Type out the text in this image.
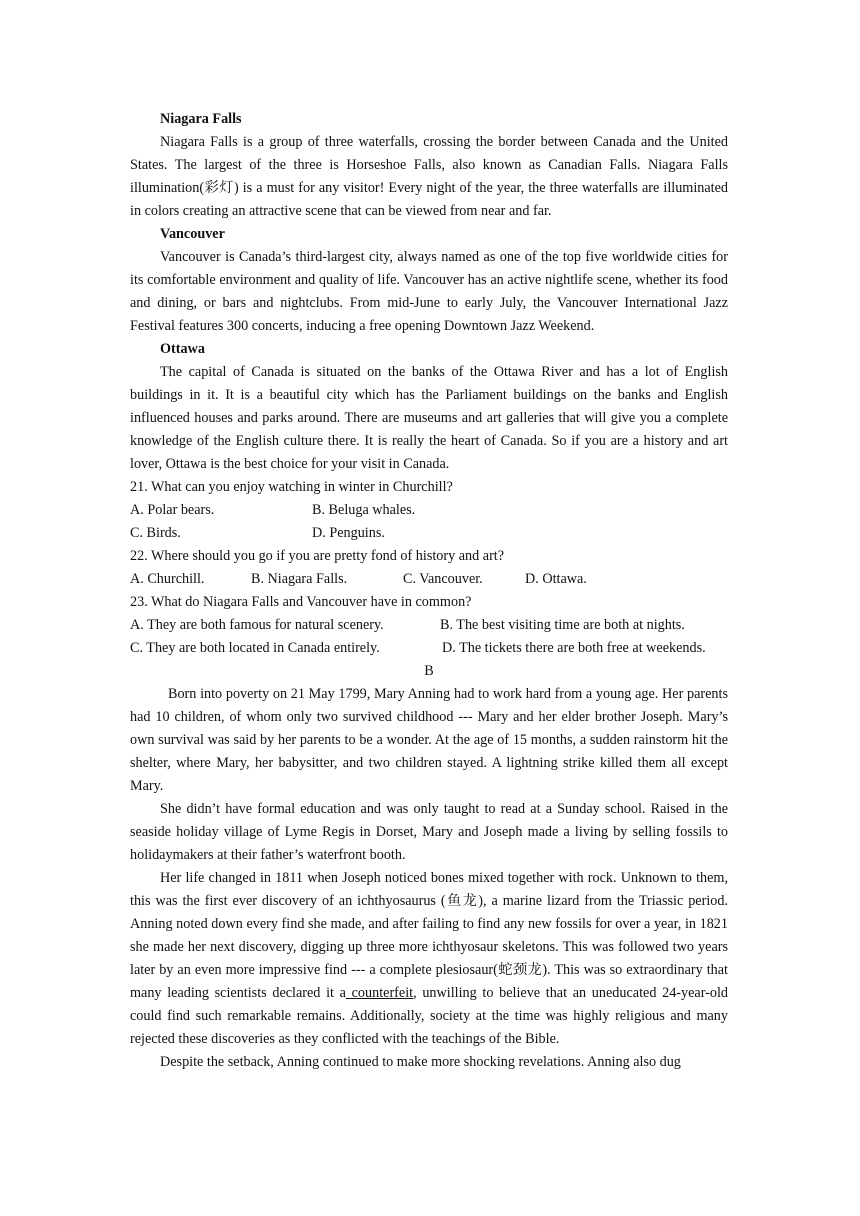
Niagara Falls

Niagara Falls is a group of three waterfalls, crossing the border between Canada and the United States. The largest of the three is Horseshoe Falls, also known as Canadian Falls. Niagara Falls illumination(彩灯) is a must for any visitor! Every night of the year, the three waterfalls are illuminated in colors creating an attractive scene that can be viewed from near and far.

Vancouver

Vancouver is Canada’s third-largest city, always named as one of the top five worldwide cities for its comfortable environment and quality of life. Vancouver has an active nightlife scene, whether its food and dining, or bars and nightclubs. From mid-June to early July, the Vancouver International Jazz Festival features 300 concerts, inducing a free opening Downtown Jazz Weekend.

Ottawa

The capital of Canada is situated on the banks of the Ottawa River and has a lot of English buildings in it. It is a beautiful city which has the Parliament buildings on the banks and English influenced houses and parks around. There are museums and art galleries that will give you a complete knowledge of the English culture there. It is really the heart of Canada. So if you are a history and art lover, Ottawa is the best choice for your visit in Canada.

21. What can you enjoy watching in winter in Churchill?

A. Polar bears.	B. Beluga whales.
C. Birds.	D. Penguins.

22. Where should you go if you are pretty fond of history and art?

A. Churchill.	B. Niagara Falls.	C. Vancouver.	D. Ottawa.

23. What do Niagara Falls and Vancouver have in common?

A. They are both famous for natural scenery.	B. The best visiting time are both at nights.
C. They are both located in Canada entirely.	D. The tickets there are both free at weekends.

B

Born into poverty on 21 May 1799, Mary Anning had to work hard from a young age. Her parents had 10 children, of whom only two survived childhood --- Mary and her elder brother Joseph. Mary’s own survival was said by her parents to be a wonder. At the age of 15 months, a sudden rainstorm hit the shelter, where Mary, her babysitter, and two children stayed. A lightning strike killed them all except Mary.

She didn’t have formal education and was only taught to read at a Sunday school. Raised in the seaside holiday village of Lyme Regis in Dorset, Mary and Joseph made a living by selling fossils to holidaymakers at their father’s waterfront booth.

Her life changed in 1811 when Joseph noticed bones mixed together with rock. Unknown to them, this was the first ever discovery of an ichthyosaurus (鱼龙), a marine lizard from the Triassic period. Anning noted down every find she made, and after failing to find any new fossils for over a year, in 1821 she made her next discovery, digging up three more ichthyosaur skeletons. This was followed two years later by an even more impressive find --- a complete plesiosaur(蛇颈龙). This was so extraordinary that many leading scientists declared it a counterfeit, unwilling to believe that an uneducated 24-year-old could find such remarkable remains. Additionally, society at the time was highly religious and many rejected these discoveries as they conflicted with the teachings of the Bible.

Despite the setback, Anning continued to make more shocking revelations. Anning also dug
